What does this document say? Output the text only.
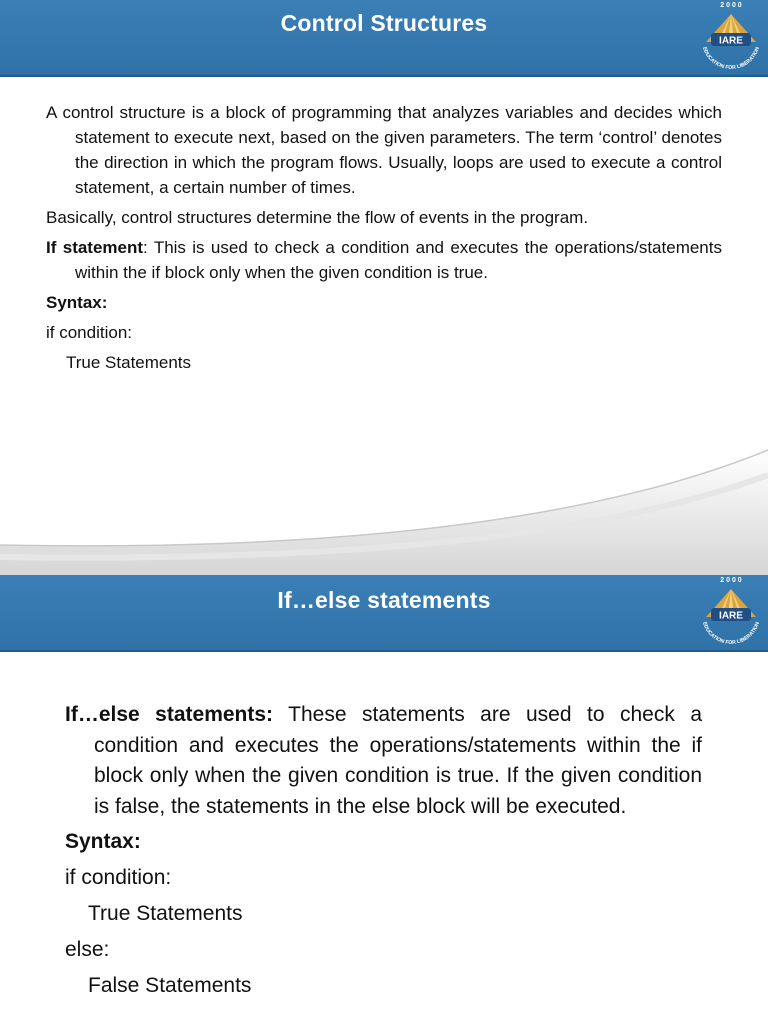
Control Structures
2 0 0 0
IARE
EDUCATION FOR LIBERATION

A control structure is a block of programming that analyzes variables and decides which statement to execute next, based on the given parameters. The term ‘control’ denotes the direction in which the program flows. Usually, loops are used to execute a control statement, a certain number of times.

Basically, control structures determine the flow of events in the program.

If statement: This is used to check a condition and executes the operations/statements within the if block only when the given condition is true.

Syntax:

if condition:

True Statements

If…else statements
2 0 0 0
IARE
EDUCATION FOR LIBERATION

If…else statements: These statements are used to check a condition and executes the operations/statements within the if block only when the given condition is true. If the given condition is false, the statements in the else block will be executed.

Syntax:

if condition:

True Statements

else:

False Statements
